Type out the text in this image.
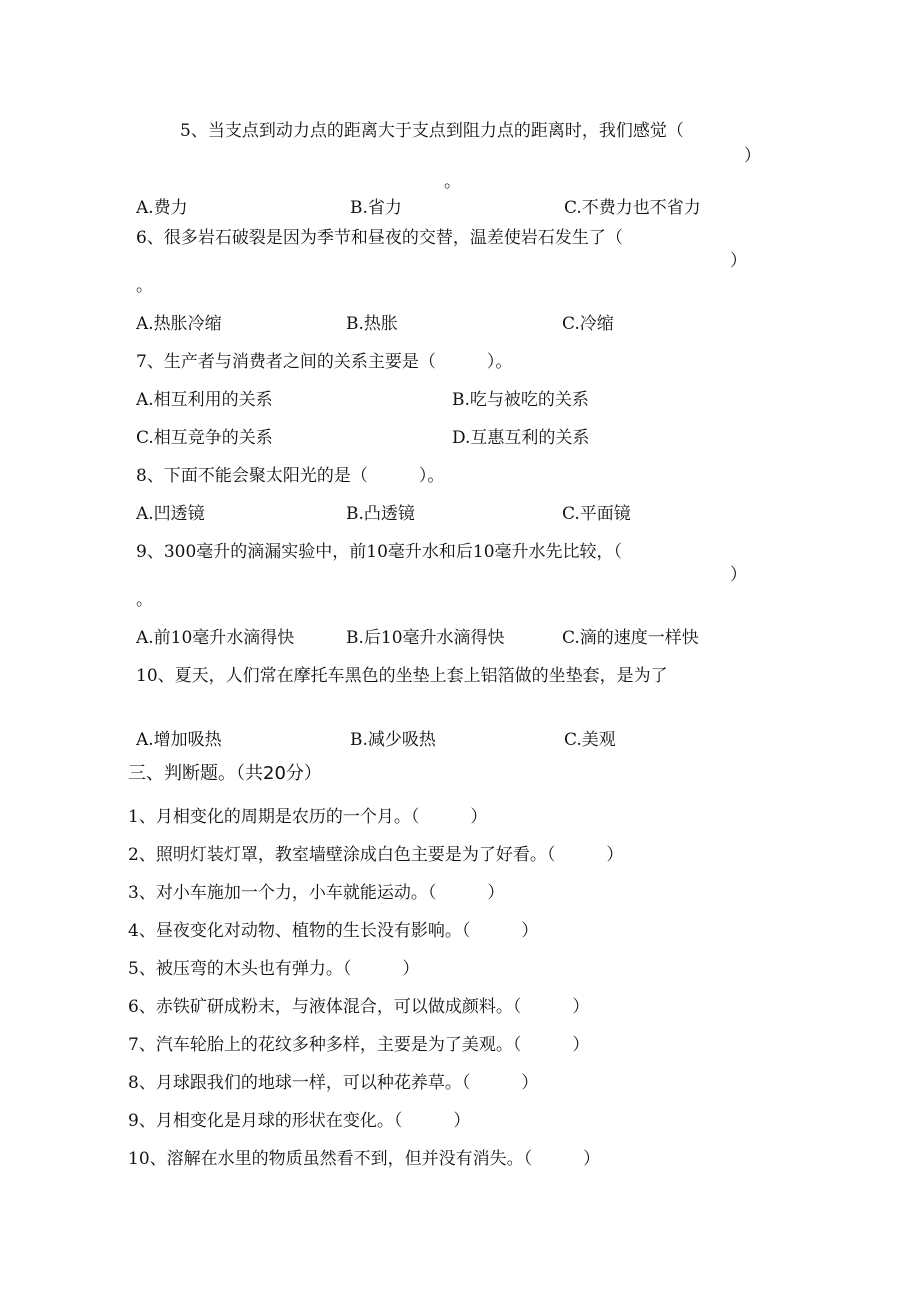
5、当支点到动力点的距离大于支点到阻力点的距离时，我们感觉（
）
。
A.费力	B.省力	C.不费力也不省力
6、很多岩石破裂是因为季节和昼夜的交替，温差使岩石发生了（
）
。
A.热胀冷缩	B.热胀	C.冷缩
7、生产者与消费者之间的关系主要是（　　　）。
A.相互利用的关系	B.吃与被吃的关系
C.相互竞争的关系	D.互惠互利的关系
8、下面不能会聚太阳光的是（　　　）。
A.凹透镜	B.凸透镜	C.平面镜
9、300毫升的滴漏实验中，前10毫升水和后10毫升水先比较，（
）
。
A.前10毫升水滴得快	B.后10毫升水滴得快	C.滴的速度一样快
10、夏天，人们常在摩托车黑色的坐垫上套上铝箔做的坐垫套，是为了
A.增加吸热	B.减少吸热	C.美观
三、判断题。（共20分）
1、月相变化的周期是农历的一个月。（　　　）
2、照明灯装灯罩，教室墙壁涂成白色主要是为了好看。（　　　）
3、对小车施加一个力，小车就能运动。（　　　）
4、昼夜变化对动物、植物的生长没有影响。（　　　）
5、被压弯的木头也有弹力。（　　　）
6、赤铁矿研成粉末，与液体混合，可以做成颜料。（　　　）
7、汽车轮胎上的花纹多种多样，主要是为了美观。（　　　）
8、月球跟我们的地球一样，可以种花养草。（　　　）
9、月相变化是月球的形状在变化。（　　　）
10、溶解在水里的物质虽然看不到，但并没有消失。（　　　）
